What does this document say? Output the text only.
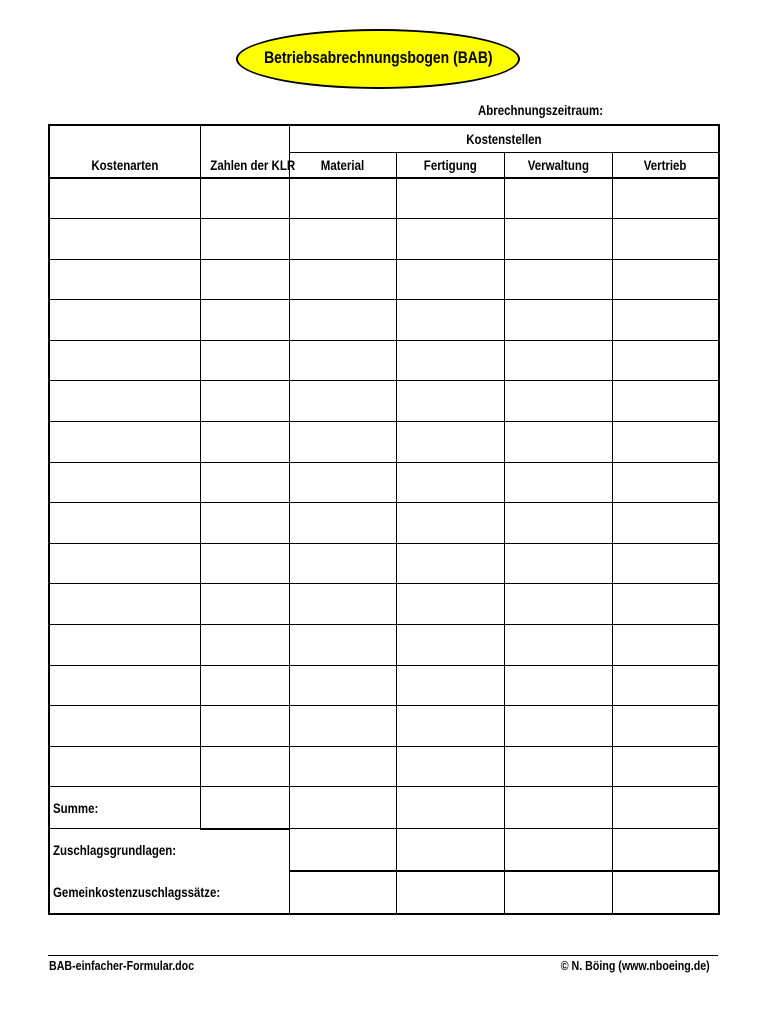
Betriebsabrechnungsbogen (BAB)
Abrechnungszeitraum:
Kostenarten	Zahlen der KLR	Kostenstellen			
		Material	Fertigung	Verwaltung	Vertrieb

Summe:					
Zuschlagsgrundlagen:					
Gemeinkostenzuschlagssätze:					
BAB-einfacher-Formular.doc	© N. Böing (www.nboeing.de)
